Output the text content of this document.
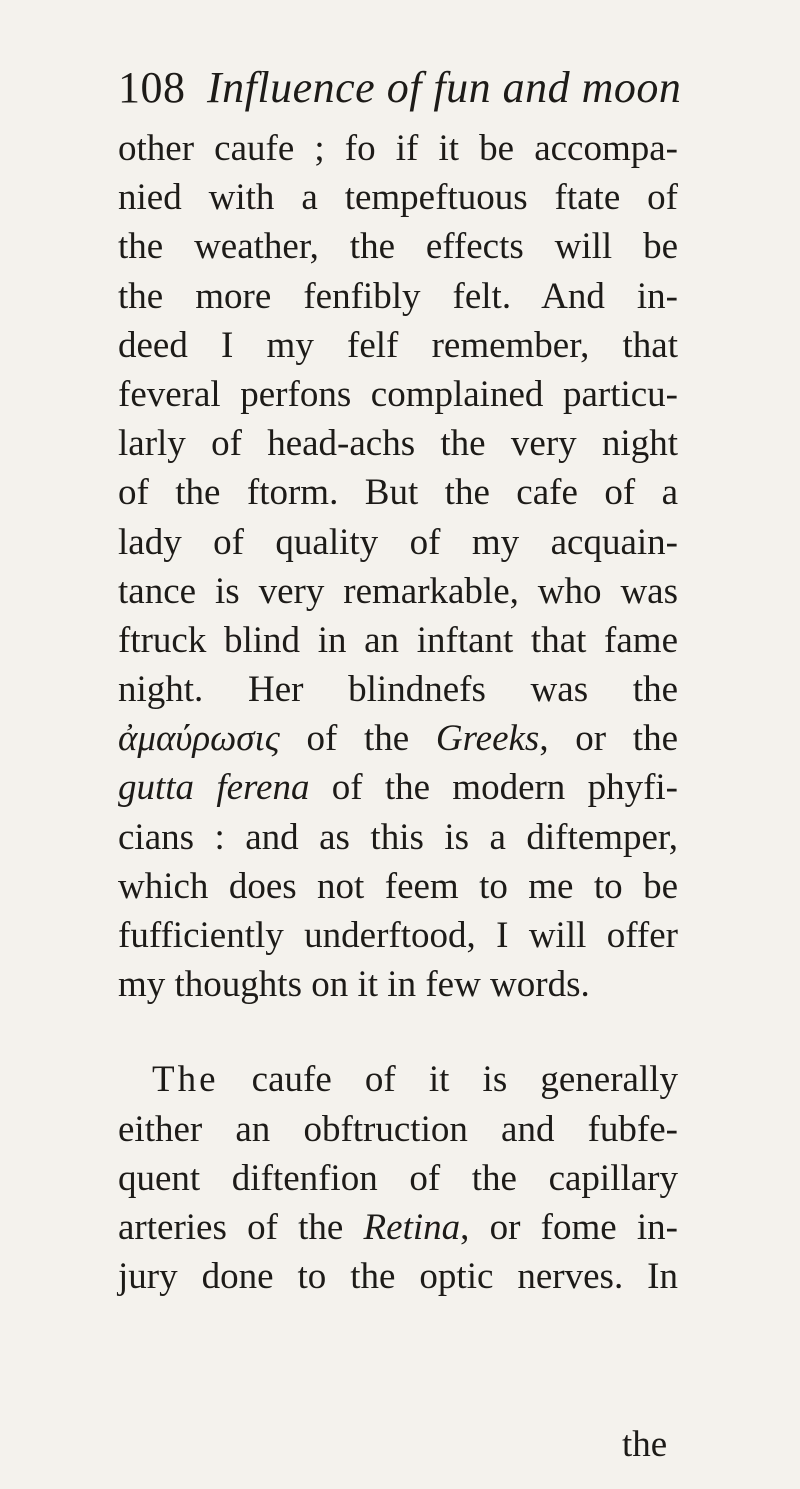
108 Influence of fun and moon
other caufe ; fo if it be accompa-
nied with a tempeftuous ftate of
the weather, the effects will be
the more fenfibly felt. And in-
deed I my felf remember, that
feveral perfons complained particu-
larly of head-achs the very night
of the ftorm. But the cafe of a
lady of quality of my acquain-
tance is very remarkable, who was
ftruck blind in an inftant that fame
night. Her blindnefs was the
ἀμαύρωσις of the Greeks, or the
gutta ferena of the modern phyfi-
cians : and as this is a diftemper,
which does not feem to me to be
fufficiently underftood, I will offer
my thoughts on it in few words.
The caufe of it is generally
either an obftruction and fubfe-
quent diftenfion of the capillary
arteries of the Retina, or fome in-
jury done to the optic nerves. In
the
